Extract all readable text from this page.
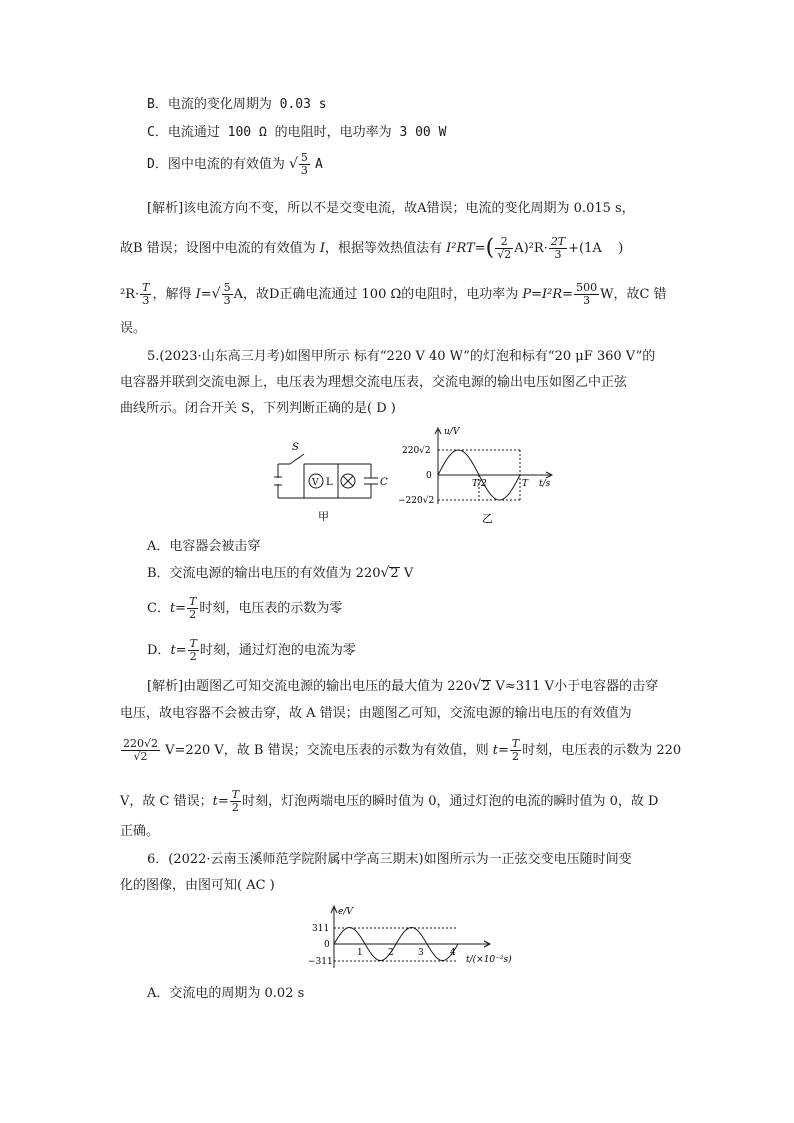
B．电流的变化周期为 0.03 s
C．电流通过 100 Ω 的电阻时，电功率为 3 00 W
D．图中电流的有效值为 √ $\frac{5}{3}$ A
[解析]该电流方向不变，所以不是交变电流，故A错误；电流的变化周期为 0.015 s，
故B 错误；设图中电流的有效值为 I，根据等效热值法有 $I^2RT=( \frac{2}{√2} A)^2R\cdot \frac{2T}{3} +(1A$    )
$^2R\cdot \frac{T}{3}$ ，解得 $I=√ \frac{5}{3}$ A，故D正确电流通过 100 Ω的电阻时，电功率为 $P=I^2R= \frac{500}{3}$ W，故C 错
误。
5.(2023·山东高三月考)如图甲所示 标有“220 V 40 W”的灯泡和标有“20 μF 360 V”的
电容器并联到交流电源上，电压表为理想交流电压表，交流电源的输出电压如图乙中正弦
曲线所示。闭合开关 S，下列判断正确的是( D )
S
V L	C
甲
u/V
220√2
0
−220√2
T/2	T t/s
乙
A．电容器会被击穿
B．交流电源的输出电压的有效值为 220√2 V
C．$t= \frac{T}{2}$ 时刻，电压表的示数为零
D．$t= \frac{T}{2}$ 时刻，通过灯泡的电流为零
[解析]由题图乙可知交流电源的输出电压的最大值为 220√2 V≈311 V小于电容器的击穿
电压，故电容器不会被击穿，故 A 错误；由题图乙可知，交流电源的输出电压的有效值为
$\frac{220√2}{√2} V=220$ V，故 B 错误；交流电压表的示数为有效值，则 $t= \frac{T}{2}$ 时刻，电压表的示数为 220
V，故 C 错误；$t= \frac{T}{2}$ 时刻，灯泡两端电压的瞬时值为 0，通过灯泡的电流的瞬时值为 0，故 D
正确。
6．(2022·云南玉溪师范学院附属中学高三期末)如图所示为一正弦交变电压随时间变
化的图像，由图可知( AC )
e/V
311
0
−311
1	2	3	4
t/(×10⁻²s)
A．交流电的周期为 0.02 s
